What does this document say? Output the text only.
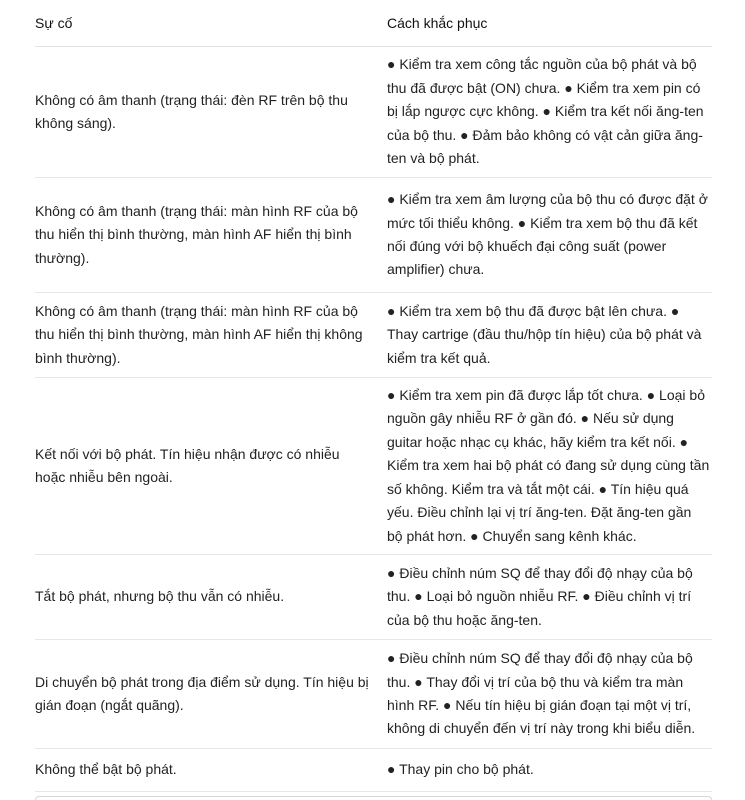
Sự cố	Cách khắc phục
Không có âm thanh (trạng thái: đèn RF trên bộ thu không sáng).	● Kiểm tra xem công tắc nguồn của bộ phát và bộ thu đã được bật (ON) chưa. ● Kiểm tra xem pin có bị lắp ngược cực không. ● Kiểm tra kết nối ăng-ten của bộ thu. ● Đảm bảo không có vật cản giữa ăng-ten và bộ phát.
Không có âm thanh (trạng thái: màn hình RF của bộ thu hiển thị bình thường, màn hình AF hiển thị bình thường).	● Kiểm tra xem âm lượng của bộ thu có được đặt ở mức tối thiểu không. ● Kiểm tra xem bộ thu đã kết nối đúng với bộ khuếch đại công suất (power amplifier) chưa.
Không có âm thanh (trạng thái: màn hình RF của bộ thu hiển thị bình thường, màn hình AF hiển thị không bình thường).	● Kiểm tra xem bộ thu đã được bật lên chưa. ● Thay cartrige (đầu thu/hộp tín hiệu) của bộ phát và kiểm tra kết quả.
Kết nối với bộ phát. Tín hiệu nhận được có nhiễu hoặc nhiễu bên ngoài.	● Kiểm tra xem pin đã được lắp tốt chưa. ● Loại bỏ nguồn gây nhiễu RF ở gần đó. ● Nếu sử dụng guitar hoặc nhạc cụ khác, hãy kiểm tra kết nối. ● Kiểm tra xem hai bộ phát có đang sử dụng cùng tần số không. Kiểm tra và tắt một cái. ● Tín hiệu quá yếu. Điều chỉnh lại vị trí ăng-ten. Đặt ăng-ten gần bộ phát hơn. ● Chuyển sang kênh khác.
Tắt bộ phát, nhưng bộ thu vẫn có nhiễu.	● Điều chỉnh núm SQ để thay đổi độ nhạy của bộ thu. ● Loại bỏ nguồn nhiễu RF. ● Điều chỉnh vị trí của bộ thu hoặc ăng-ten.
Di chuyển bộ phát trong địa điểm sử dụng. Tín hiệu bị gián đoạn (ngắt quãng).	● Điều chỉnh núm SQ để thay đổi độ nhạy của bộ thu. ● Thay đổi vị trí của bộ thu và kiểm tra màn hình RF. ● Nếu tín hiệu bị gián đoạn tại một vị trí, không di chuyển đến vị trí này trong khi biểu diễn.
Không thể bật bộ phát.	● Thay pin cho bộ phát.
